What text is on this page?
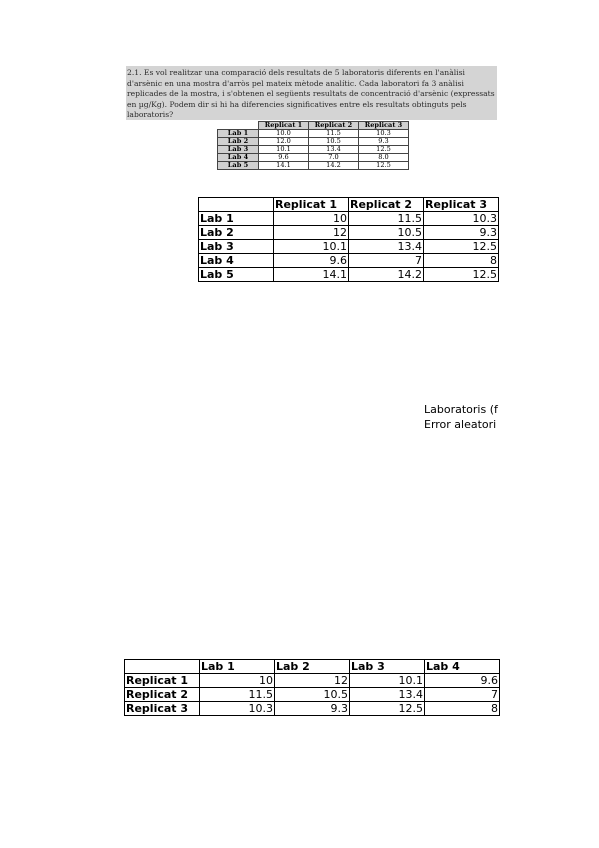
2.1. Es vol realitzar una comparació dels resultats de 5 laboratoris diferents en l'anàlisi d'arsènic en una mostra d'arròs pel mateix mètode analític. Cada laboratori fa 3 anàlisi replicades de la mostra, i s'obtenen el següents resultats de concentració d'arsènic (expressats en µg/Kg). Podem dir si hi ha diferencies significatives entre els resultats obtinguts pels laboratoris?

	Replicat 1	Replicat 2	Replicat 3
Lab 1	10.0	11.5	10.3
Lab 2	12.0	10.5	9.3
Lab 3	10.1	13.4	12.5
Lab 4	9.6	7.0	8.0
Lab 5	14.1	14.2	12.5
	Replicat 1	Replicat 2	Replicat 3
Lab 1	10	11.5	10.3
Lab 2	12	10.5	9.3
Lab 3	10.1	13.4	12.5
Lab 4	9.6	7	8
Lab 5	14.1	14.2	12.5
Laboratoris (f
Error aleatori
	Lab 1	Lab 2	Lab 3	Lab 4
Replicat 1	10	12	10.1	9.6
Replicat 2	11.5	10.5	13.4	7
Replicat 3	10.3	9.3	12.5	8
